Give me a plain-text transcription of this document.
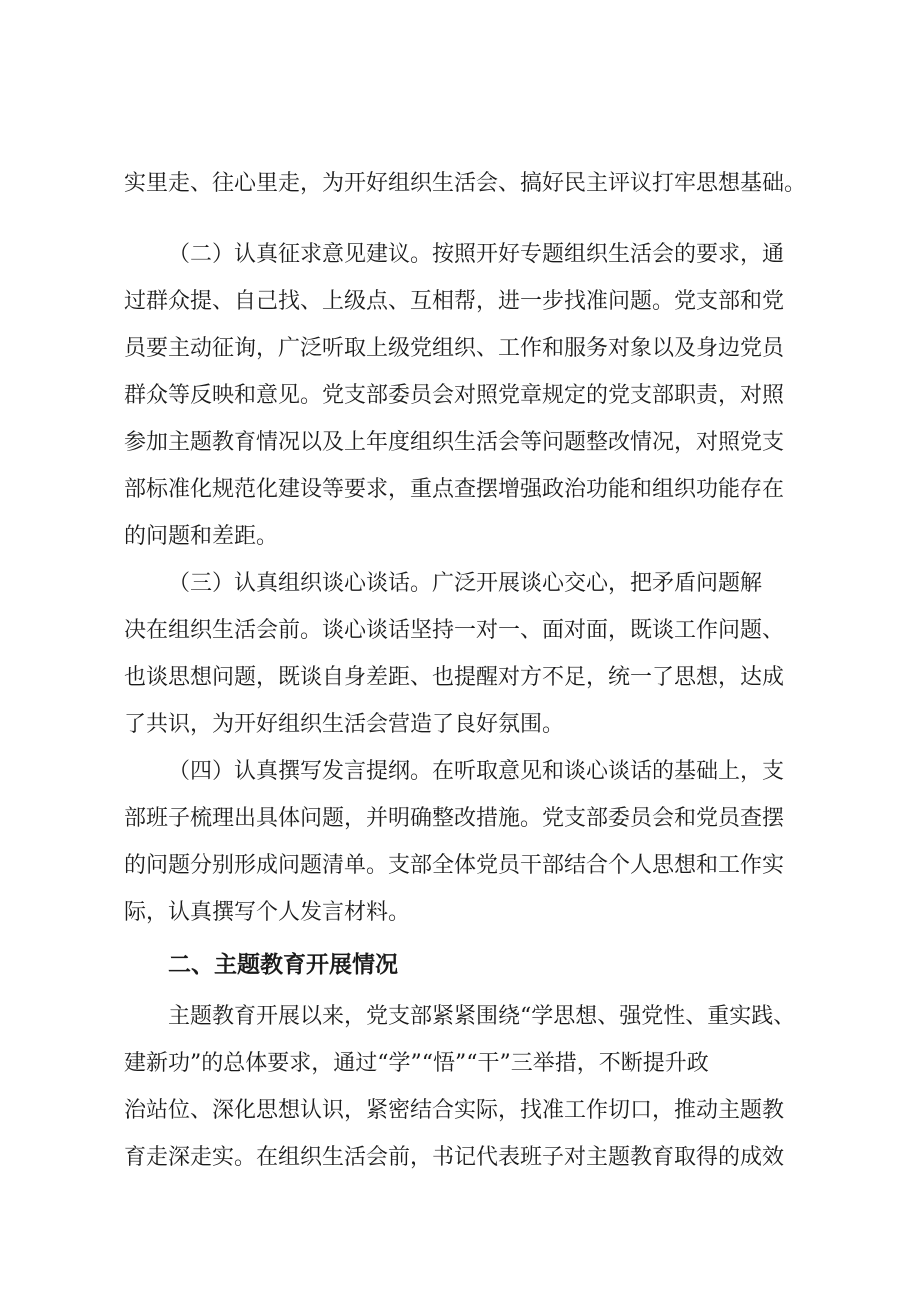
实里走、往心里走，为开好组织生活会、搞好民主评议打牢思想基础。
（二）认真征求意见建议。按照开好专题组织生活会的要求，通
过群众提、自己找、上级点、互相帮，进一步找准问题。党支部和党
员要主动征询，广泛听取上级党组织、工作和服务对象以及身边党员
群众等反映和意见。党支部委员会对照党章规定的党支部职责，对照
参加主题教育情况以及上年度组织生活会等问题整改情况，对照党支
部标准化规范化建设等要求，重点查摆增强政治功能和组织功能存在
的问题和差距。
（三）认真组织谈心谈话。广泛开展谈心交心，把矛盾问题解
决在组织生活会前。谈心谈话坚持一对一、面对面，既谈工作问题、
也谈思想问题，既谈自身差距、也提醒对方不足，统一了思想，达成
了共识，为开好组织生活会营造了良好氛围。
（四）认真撰写发言提纲。在听取意见和谈心谈话的基础上，支
部班子梳理出具体问题，并明确整改措施。党支部委员会和党员查摆
的问题分别形成问题清单。支部全体党员干部结合个人思想和工作实
际，认真撰写个人发言材料。
二、主题教育开展情况
主题教育开展以来，党支部紧紧围绕“学思想、强党性、重实践、
建新功”的总体要求，通过“学”“悟”“干”三举措，不断提升政
治站位、深化思想认识，紧密结合实际，找准工作切口，推动主题教
育走深走实。在组织生活会前，书记代表班子对主题教育取得的成效
